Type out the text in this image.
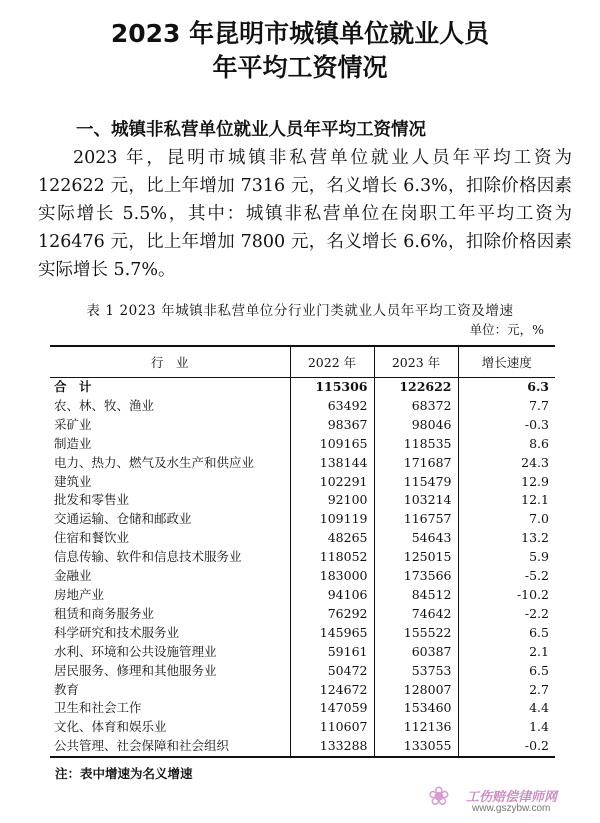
2023 年昆明市城镇单位就业人员
年平均工资情况
一、城镇非私营单位就业人员年平均工资情况

2023 年，昆明市城镇非私营单位就业人员年平均工资为 122622 元，比上年增加 7316 元，名义增长 6.3%，扣除价格因素实际增长 5.5%，其中：城镇非私营单位在岗职工年平均工资为 126476 元，比上年增加 7800 元，名义增长 6.6%，扣除价格因素实际增长 5.7%。

表 1 2023 年城镇非私营单位分行业门类就业人员年平均工资及增速
单位：元，%
行　业	2022 年	2023 年	增长速度
合　计	115306	122622	6.3
农、林、牧、渔业	63492	68372	7.7
采矿业	98367	98046	-0.3
制造业	109165	118535	8.6
电力、热力、燃气及水生产和供应业	138144	171687	24.3
建筑业	102291	115479	12.9
批发和零售业	92100	103214	12.1
交通运输、仓储和邮政业	109119	116757	7.0
住宿和餐饮业	48265	54643	13.2
信息传输、软件和信息技术服务业	118052	125015	5.9
金融业	183000	173566	-5.2
房地产业	94106	84512	-10.2
租赁和商务服务业	76292	74642	-2.2
科学研究和技术服务业	145965	155522	6.5
水利、环境和公共设施管理业	59161	60387	2.1
居民服务、修理和其他服务业	50472	53753	6.5
教育	124672	128007	2.7
卫生和社会工作	147059	153460	4.4
文化、体育和娱乐业	110607	112136	1.4
公共管理、社会保障和社会组织	133288	133055	-0.2
注：表中增速为名义增速
❀ 工伤赔偿律师网
www.gszybw.com
